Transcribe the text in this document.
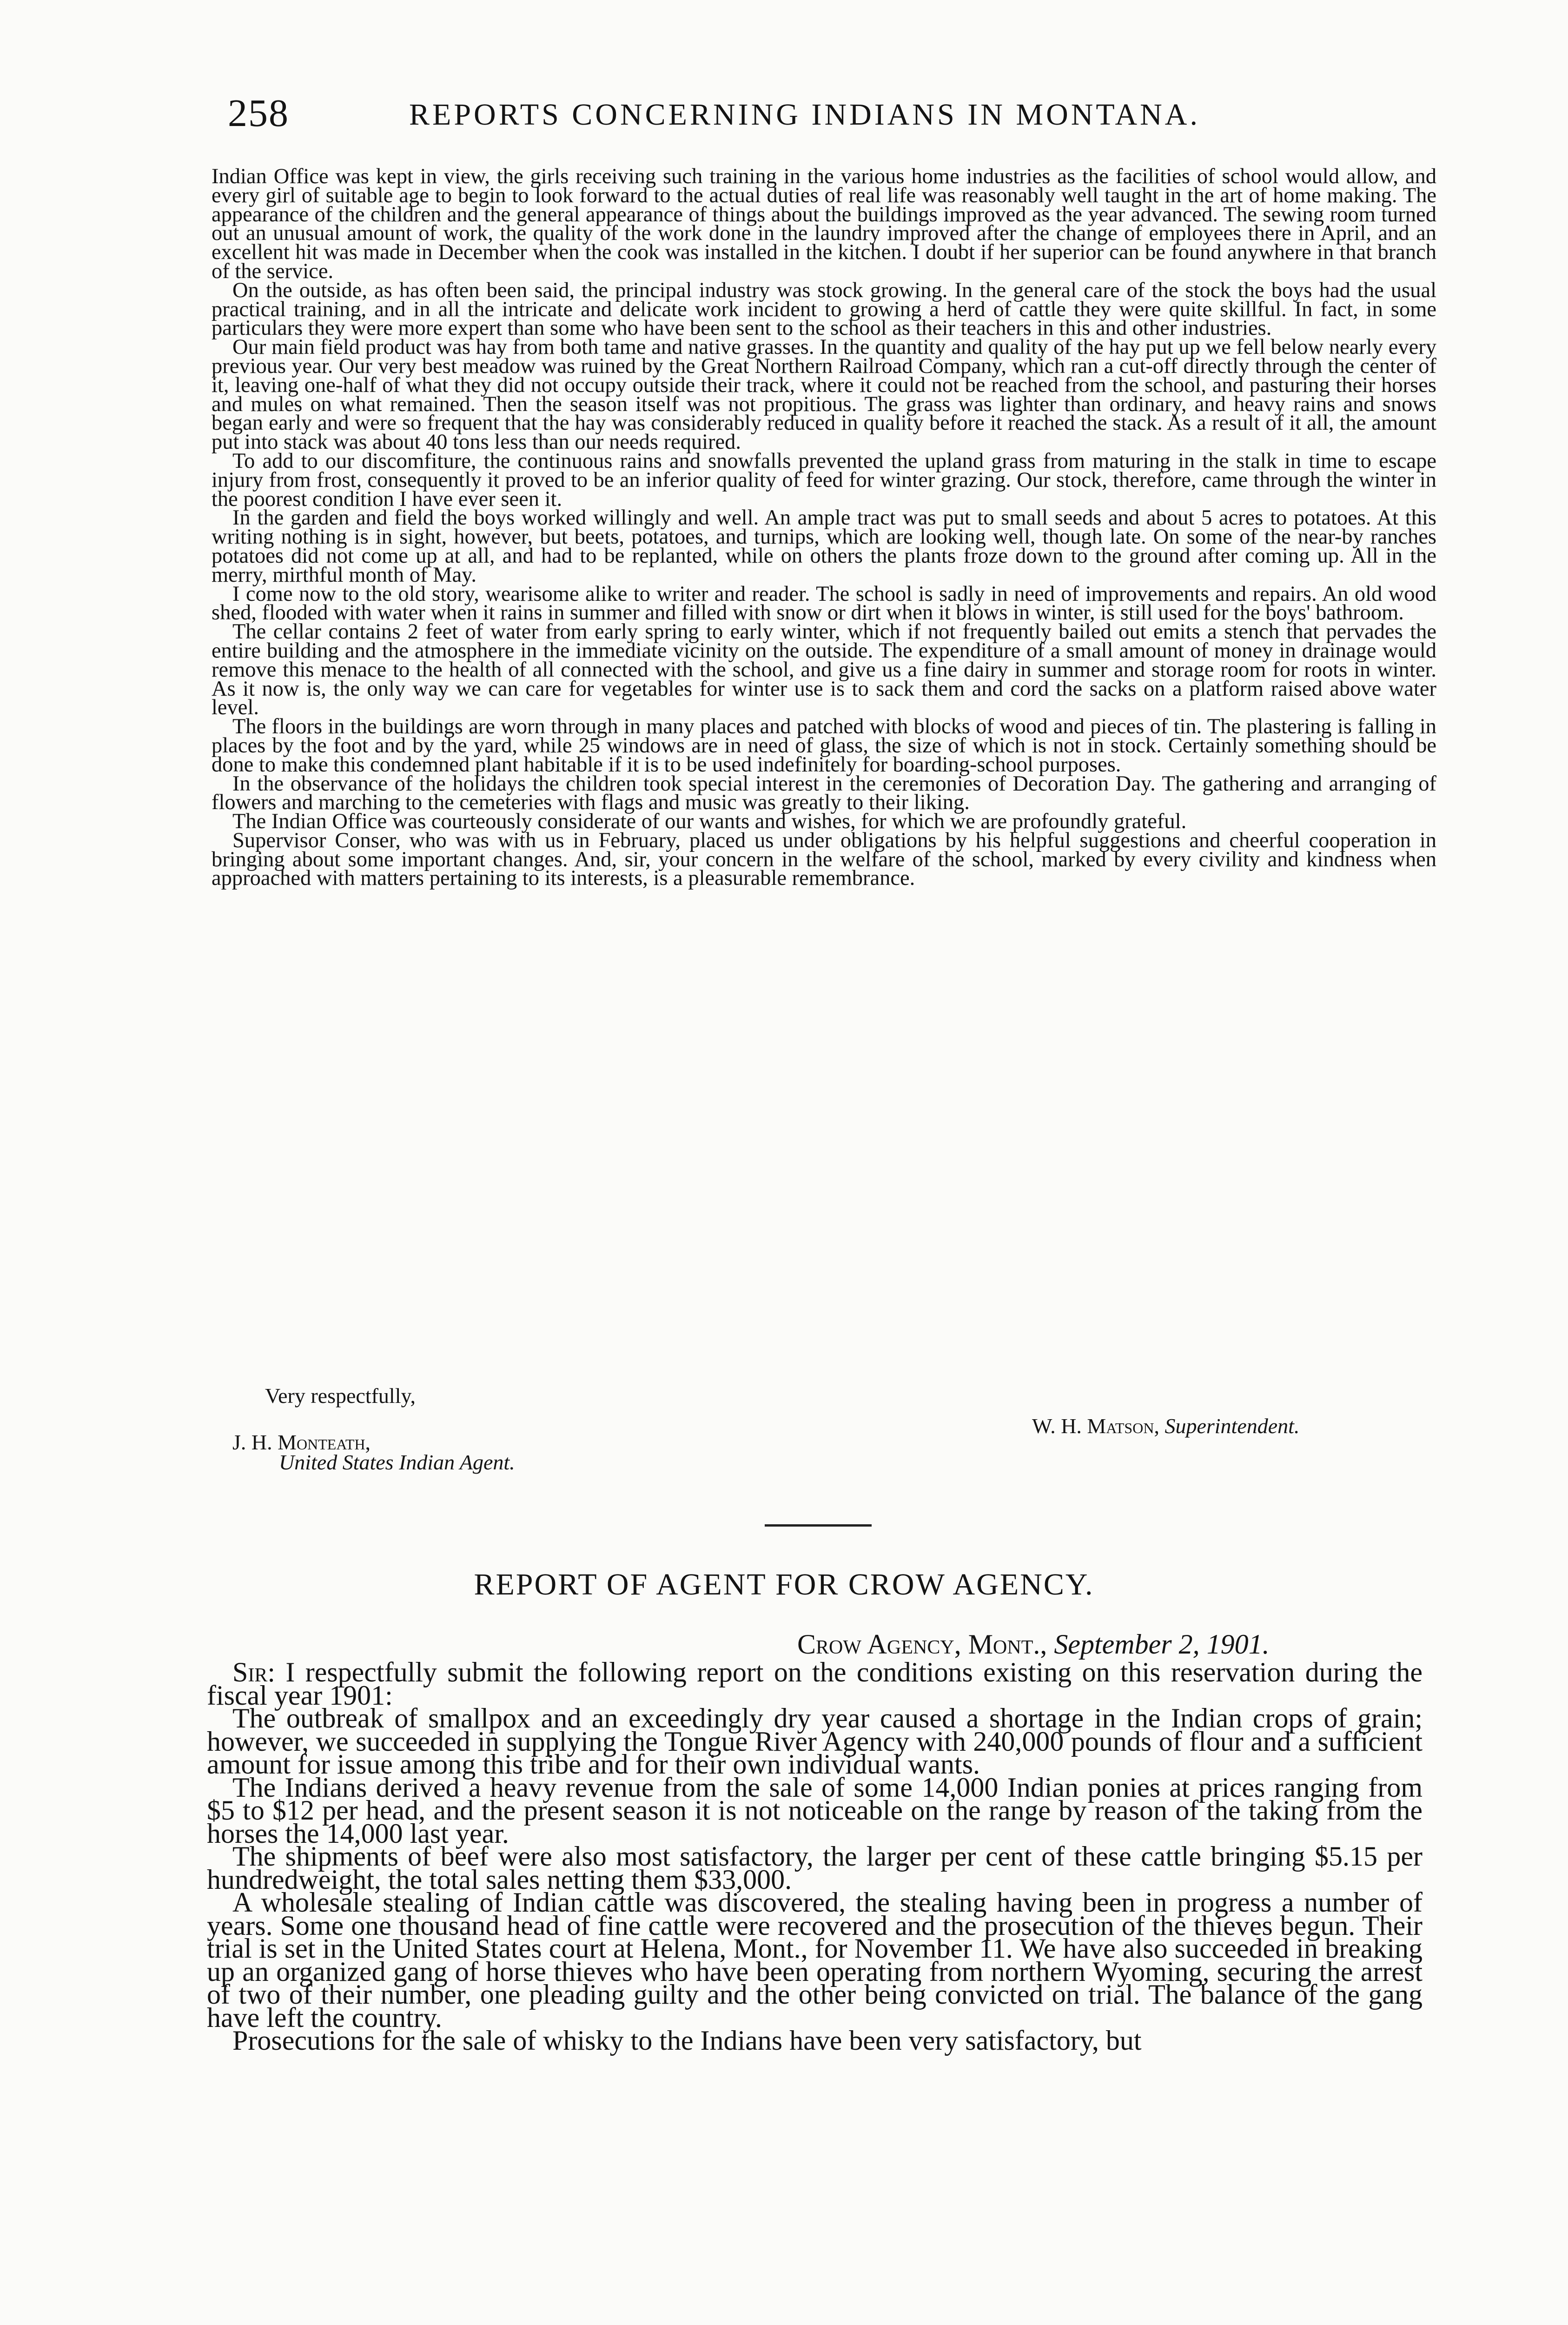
258	REPORTS CONCERNING INDIANS IN MONTANA.

Indian Office was kept in view, the girls receiving such training in the various home industries as the facilities of school would allow, and every girl of suitable age to begin to look forward to the actual duties of real life was reasonably well taught in the art of home making. The appearance of the children and the general appearance of things about the buildings improved as the year advanced. The sewing room turned out an unusual amount of work, the quality of the work done in the laundry improved after the change of employees there in April, and an excellent hit was made in December when the cook was installed in the kitchen. I doubt if her superior can be found anywhere in that branch of the service.

On the outside, as has often been said, the principal industry was stock growing. In the general care of the stock the boys had the usual practical training, and in all the intricate and delicate work incident to growing a herd of cattle they were quite skillful. In fact, in some particulars they were more expert than some who have been sent to the school as their teachers in this and other industries.

Our main field product was hay from both tame and native grasses. In the quantity and quality of the hay put up we fell below nearly every previous year. Our very best meadow was ruined by the Great Northern Railroad Company, which ran a cut-off directly through the center of it, leaving one-half of what they did not occupy outside their track, where it could not be reached from the school, and pasturing their horses and mules on what remained. Then the season itself was not propitious. The grass was lighter than ordinary, and heavy rains and snows began early and were so frequent that the hay was considerably reduced in quality before it reached the stack. As a result of it all, the amount put into stack was about 40 tons less than our needs required.

To add to our discomfiture, the continuous rains and snowfalls prevented the upland grass from maturing in the stalk in time to escape injury from frost, consequently it proved to be an inferior quality of feed for winter grazing. Our stock, therefore, came through the winter in the poorest condition I have ever seen it.

In the garden and field the boys worked willingly and well. An ample tract was put to small seeds and about 5 acres to potatoes. At this writing nothing is in sight, however, but beets, potatoes, and turnips, which are looking well, though late. On some of the near-by ranches potatoes did not come up at all, and had to be replanted, while on others the plants froze down to the ground after coming up. All in the merry, mirthful month of May.

I come now to the old story, wearisome alike to writer and reader. The school is sadly in need of improvements and repairs. An old wood shed, flooded with water when it rains in summer and filled with snow or dirt when it blows in winter, is still used for the boys' bathroom.

The cellar contains 2 feet of water from early spring to early winter, which if not frequently bailed out emits a stench that pervades the entire building and the atmosphere in the immediate vicinity on the outside. The expenditure of a small amount of money in drainage would remove this menace to the health of all connected with the school, and give us a fine dairy in summer and storage room for roots in winter. As it now is, the only way we can care for vegetables for winter use is to sack them and cord the sacks on a platform raised above water level.

The floors in the buildings are worn through in many places and patched with blocks of wood and pieces of tin. The plastering is falling in places by the foot and by the yard, while 25 windows are in need of glass, the size of which is not in stock. Certainly something should be done to make this condemned plant habitable if it is to be used indefinitely for boarding-school purposes.

In the observance of the holidays the children took special interest in the ceremonies of Decoration Day. The gathering and arranging of flowers and marching to the cemeteries with flags and music was greatly to their liking.

The Indian Office was courteously considerate of our wants and wishes, for which we are profoundly grateful.

Supervisor Conser, who was with us in February, placed us under obligations by his helpful suggestions and cheerful cooperation in bringing about some important changes. And, sir, your concern in the welfare of the school, marked by every civility and kindness when approached with matters pertaining to its interests, is a pleasurable remembrance.

Very respectfully,
W. H. Matson, Superintendent.
J. H. Monteath,
United States Indian Agent.
REPORT OF AGENT FOR CROW AGENCY.
Crow Agency, Mont., September 2, 1901.

Sir: I respectfully submit the following report on the conditions existing on this reservation during the fiscal year 1901:

The outbreak of smallpox and an exceedingly dry year caused a shortage in the Indian crops of grain; however, we succeeded in supplying the Tongue River Agency with 240,000 pounds of flour and a sufficient amount for issue among this tribe and for their own individual wants.

The Indians derived a heavy revenue from the sale of some 14,000 Indian ponies at prices ranging from $5 to $12 per head, and the present season it is not noticeable on the range by reason of the taking from the horses the 14,000 last year.

The shipments of beef were also most satisfactory, the larger per cent of these cattle bringing $5.15 per hundredweight, the total sales netting them $33,000.

A wholesale stealing of Indian cattle was discovered, the stealing having been in progress a number of years. Some one thousand head of fine cattle were recovered and the prosecution of the thieves begun. Their trial is set in the United States court at Helena, Mont., for November 11. We have also succeeded in breaking up an organized gang of horse thieves who have been operating from northern Wyoming, securing the arrest of two of their number, one pleading guilty and the other being convicted on trial. The balance of the gang have left the country.

Prosecutions for the sale of whisky to the Indians have been very satisfactory, but
